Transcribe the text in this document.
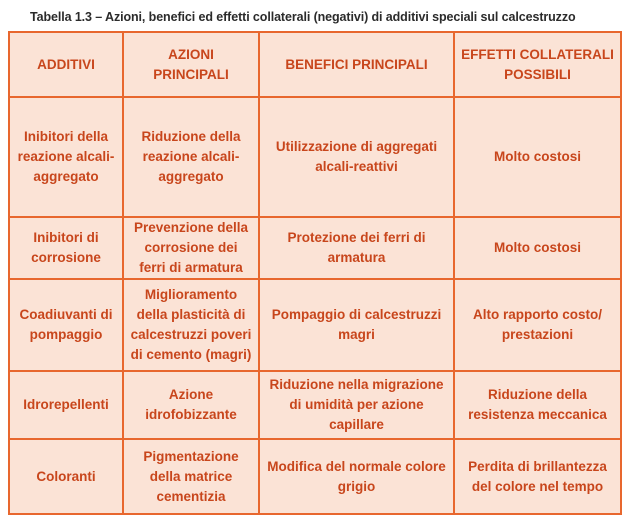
Tabella 1.3 – Azioni, benefici ed effetti collaterali (negativi) di additivi speciali sul calcestruzzo
ADDITIVI	AZIONI PRINCIPALI	BENEFICI PRINCIPALI	EFFETTI COLLATERALI POSSIBILI
Inibitori della reazione alcali-aggregato	Riduzione della reazione alcali-aggregato	Utilizzazione di aggregati alcali-reattivi	Molto costosi
Inibitori di corrosione	Prevenzione della corrosione dei ferri di armatura	Protezione dei ferri di armatura	Molto costosi
Coadiuvanti di pompaggio	Miglioramento della plasticità di calcestruzzi poveri di cemento (magri)	Pompaggio di calcestruzzi magri	Alto rapporto costo/ prestazioni
Idrorepellenti	Azione idrofobizzante	Riduzione nella migrazione di umidità per azione capillare	Riduzione della resistenza meccanica
Coloranti	Pigmentazione della matrice cementizia	Modifica del normale colore grigio	Perdita di brillantezza del colore nel tempo
